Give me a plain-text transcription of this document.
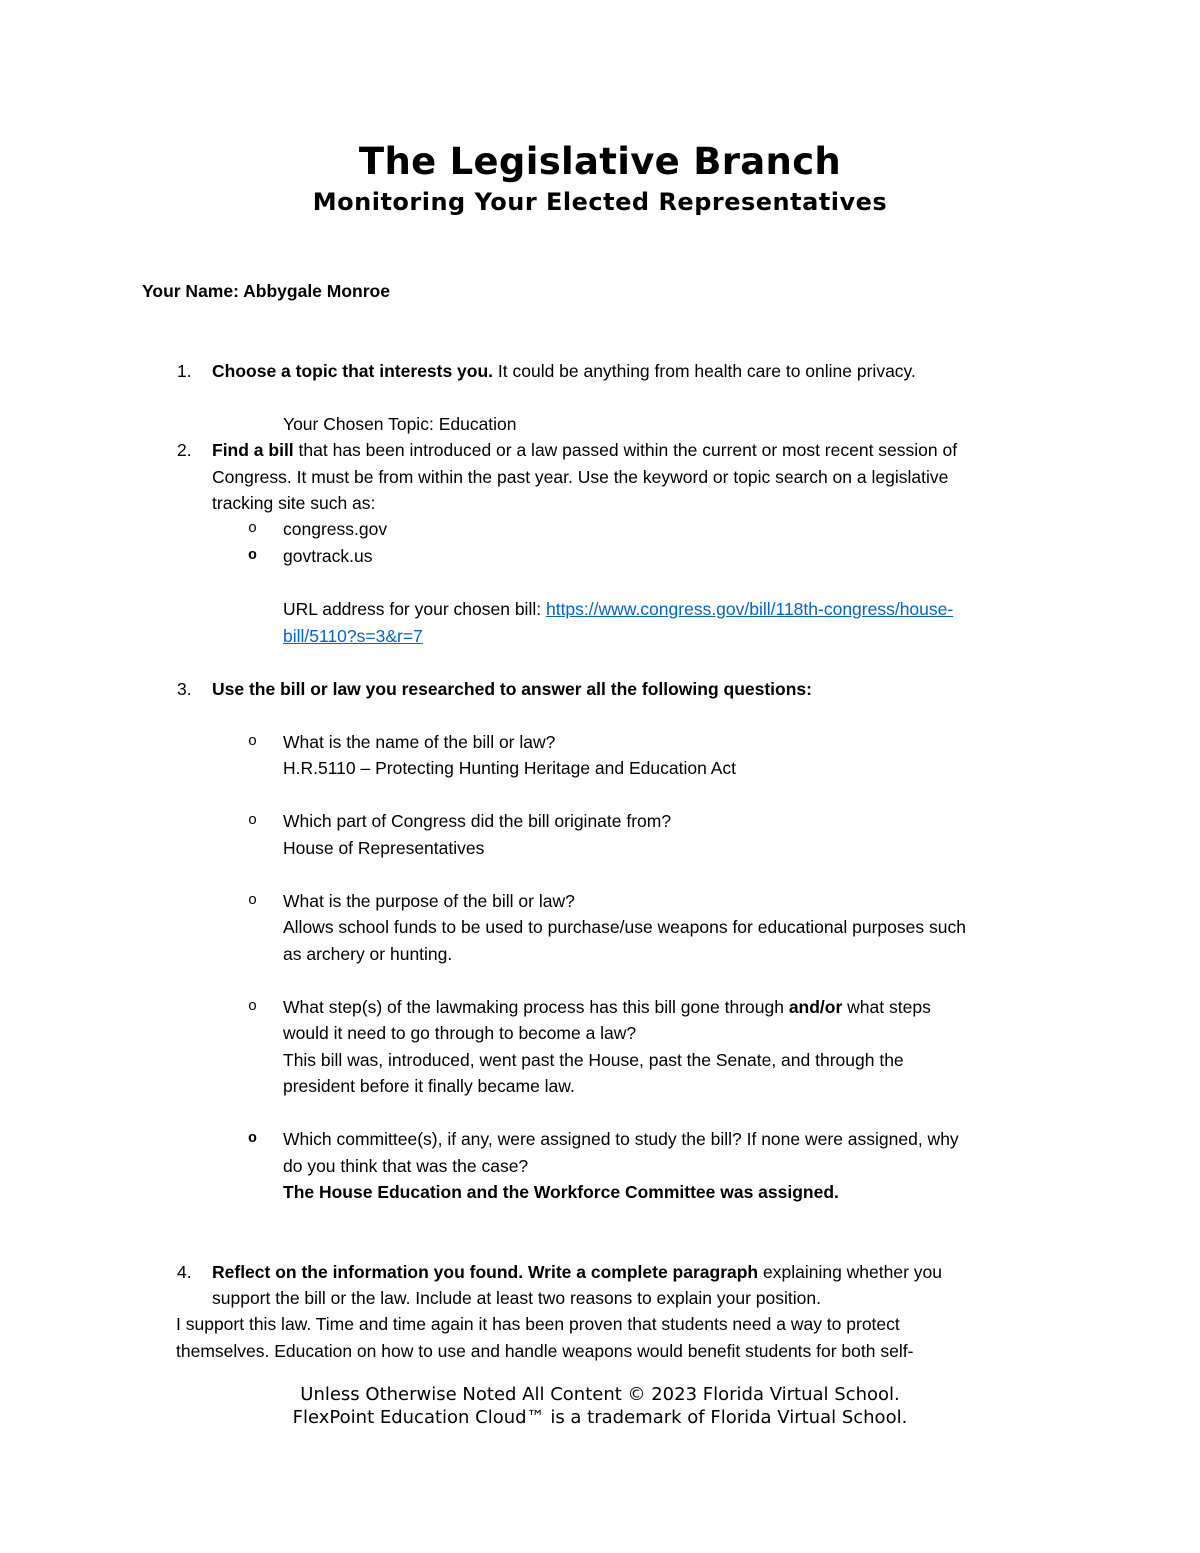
The Legislative Branch
Monitoring Your Elected Representatives
Your Name: Abbygale Monroe
1. Choose a topic that interests you. It could be anything from health care to online privacy.
Your Chosen Topic: Education
2. Find a bill that has been introduced or a law passed within the current or most recent session of
Congress. It must be from within the past year. Use the keyword or topic search on a legislative
tracking site such as:
o congress.gov
o govtrack.us
URL address for your chosen bill: https://www.congress.gov/bill/118th-congress/house-
bill/5110?s=3&r=7
3. Use the bill or law you researched to answer all the following questions:
o What is the name of the bill or law?
H.R.5110 – Protecting Hunting Heritage and Education Act
o Which part of Congress did the bill originate from?
House of Representatives
o What is the purpose of the bill or law?
Allows school funds to be used to purchase/use weapons for educational purposes such
as archery or hunting.
o What step(s) of the lawmaking process has this bill gone through and/or what steps
would it need to go through to become a law?
This bill was, introduced, went past the House, past the Senate, and through the
president before it finally became law.
o Which committee(s), if any, were assigned to study the bill? If none were assigned, why
do you think that was the case?
The House Education and the Workforce Committee was assigned.
4. Reflect on the information you found. Write a complete paragraph explaining whether you
support the bill or the law. Include at least two reasons to explain your position.
I support this law. Time and time again it has been proven that students need a way to protect
themselves. Education on how to use and handle weapons would benefit students for both self-
Unless Otherwise Noted All Content © 2023 Florida Virtual School.
FlexPoint Education Cloud™ is a trademark of Florida Virtual School.
